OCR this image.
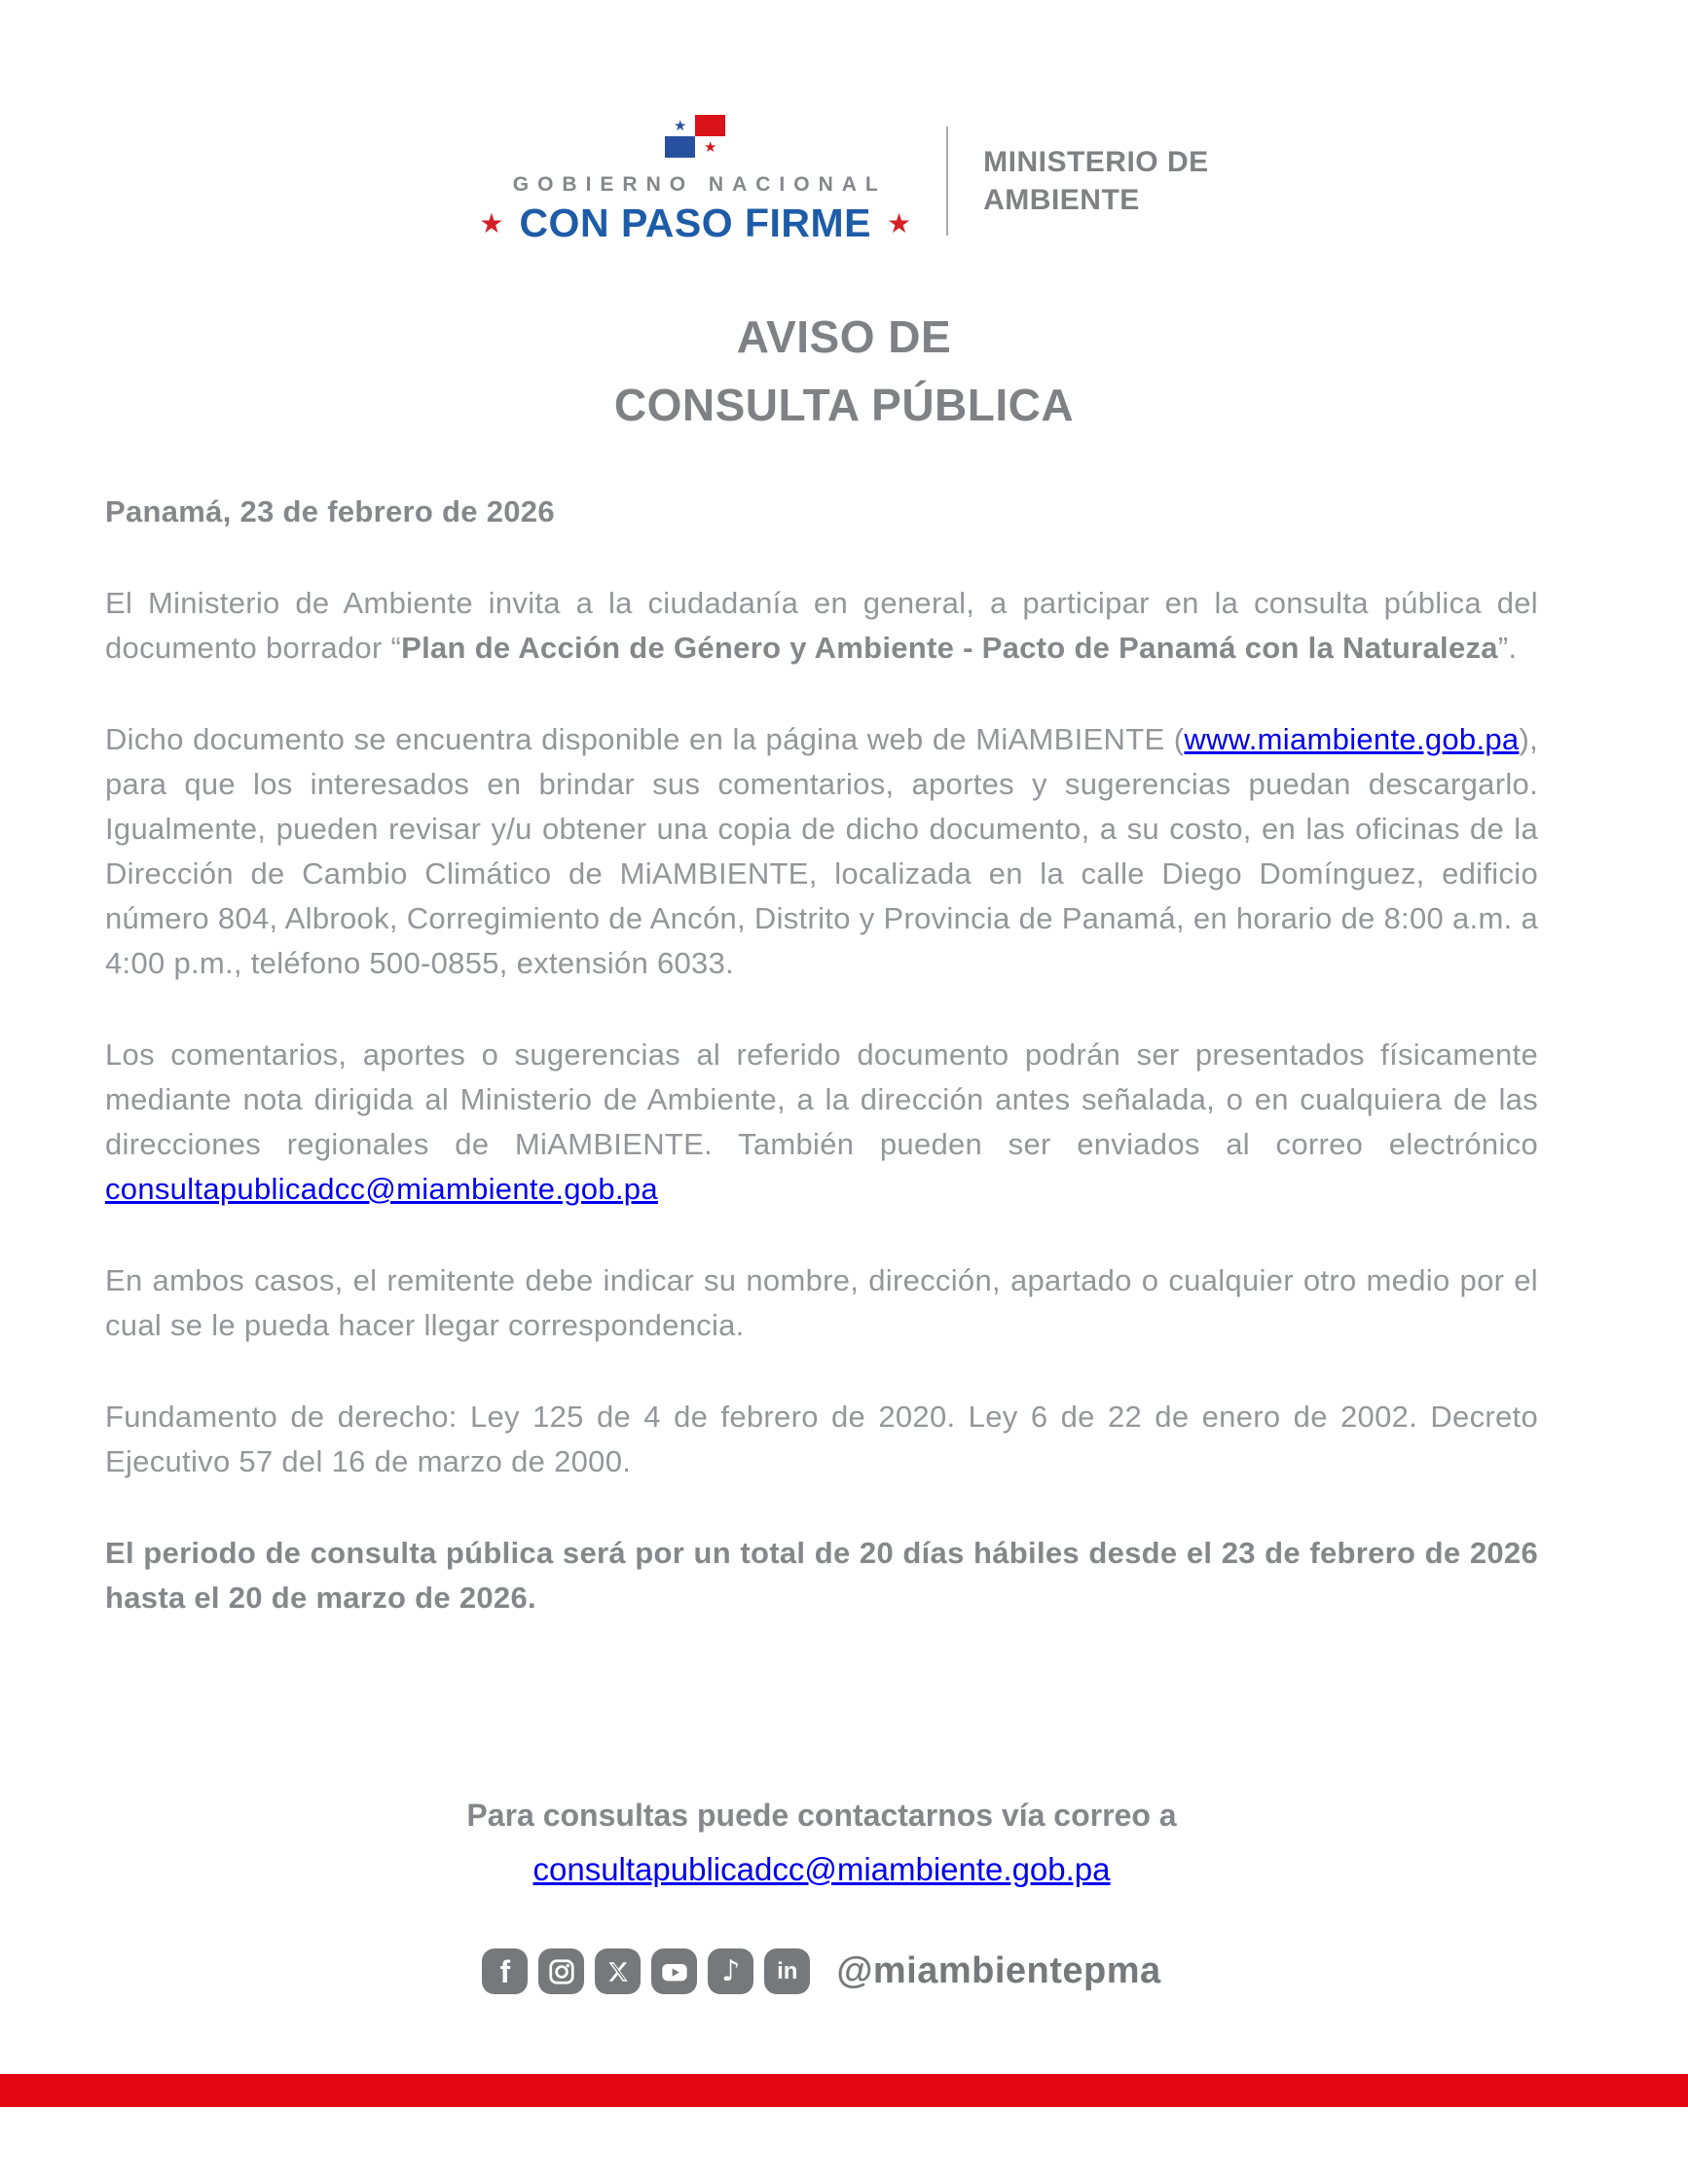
★
★
GOBIERNO NACIONAL
★ CON PASO FIRME ★
MINISTERIO DE
AMBIENTE
AVISO DE
CONSULTA PÚBLICA

Panamá, 23 de febrero de 2026

El Ministerio de Ambiente invita a la ciudadanía en general, a participar en la consulta pública del documento borrador “Plan de Acción de Género y Ambiente - Pacto de Panamá con la Naturaleza”.

Dicho documento se encuentra disponible en la página web de MiAMBIENTE (www.miambiente.gob.pa), para que los interesados en brindar sus comentarios, aportes y sugerencias puedan descargarlo. Igualmente, pueden revisar y/u obtener una copia de dicho documento, a su costo, en las oficinas de la Dirección de Cambio Climático de MiAMBIENTE, localizada en la calle Diego Domínguez, edificio número 804, Albrook, Corregimiento de Ancón, Distrito y Provincia de Panamá, en horario de 8:00 a.m. a 4:00 p.m., teléfono 500-0855, extensión 6033.

Los comentarios, aportes o sugerencias al referido documento podrán ser presentados físicamente mediante nota dirigida al Ministerio de Ambiente, a la dirección antes señalada, o en cualquiera de las direcciones regionales de MiAMBIENTE. También pueden ser enviados al correo electrónico consultapublicadcc@miambiente.gob.pa

En ambos casos, el remitente debe indicar su nombre, dirección, apartado o cualquier otro medio por el cual se le pueda hacer llegar correspondencia.

Fundamento de derecho: Ley 125 de 4 de febrero de 2020. Ley 6 de 22 de enero de 2002. Decreto Ejecutivo 57 del 16 de marzo de 2000.

El periodo de consulta pública será por un total de 20 días hábiles desde el 23 de febrero de 2026 hasta el 20 de marzo de 2026.

Para consultas puede contactarnos vía correo a
consultapublicadcc@miambiente.gob.pa
f	♪ in @miambientepma
